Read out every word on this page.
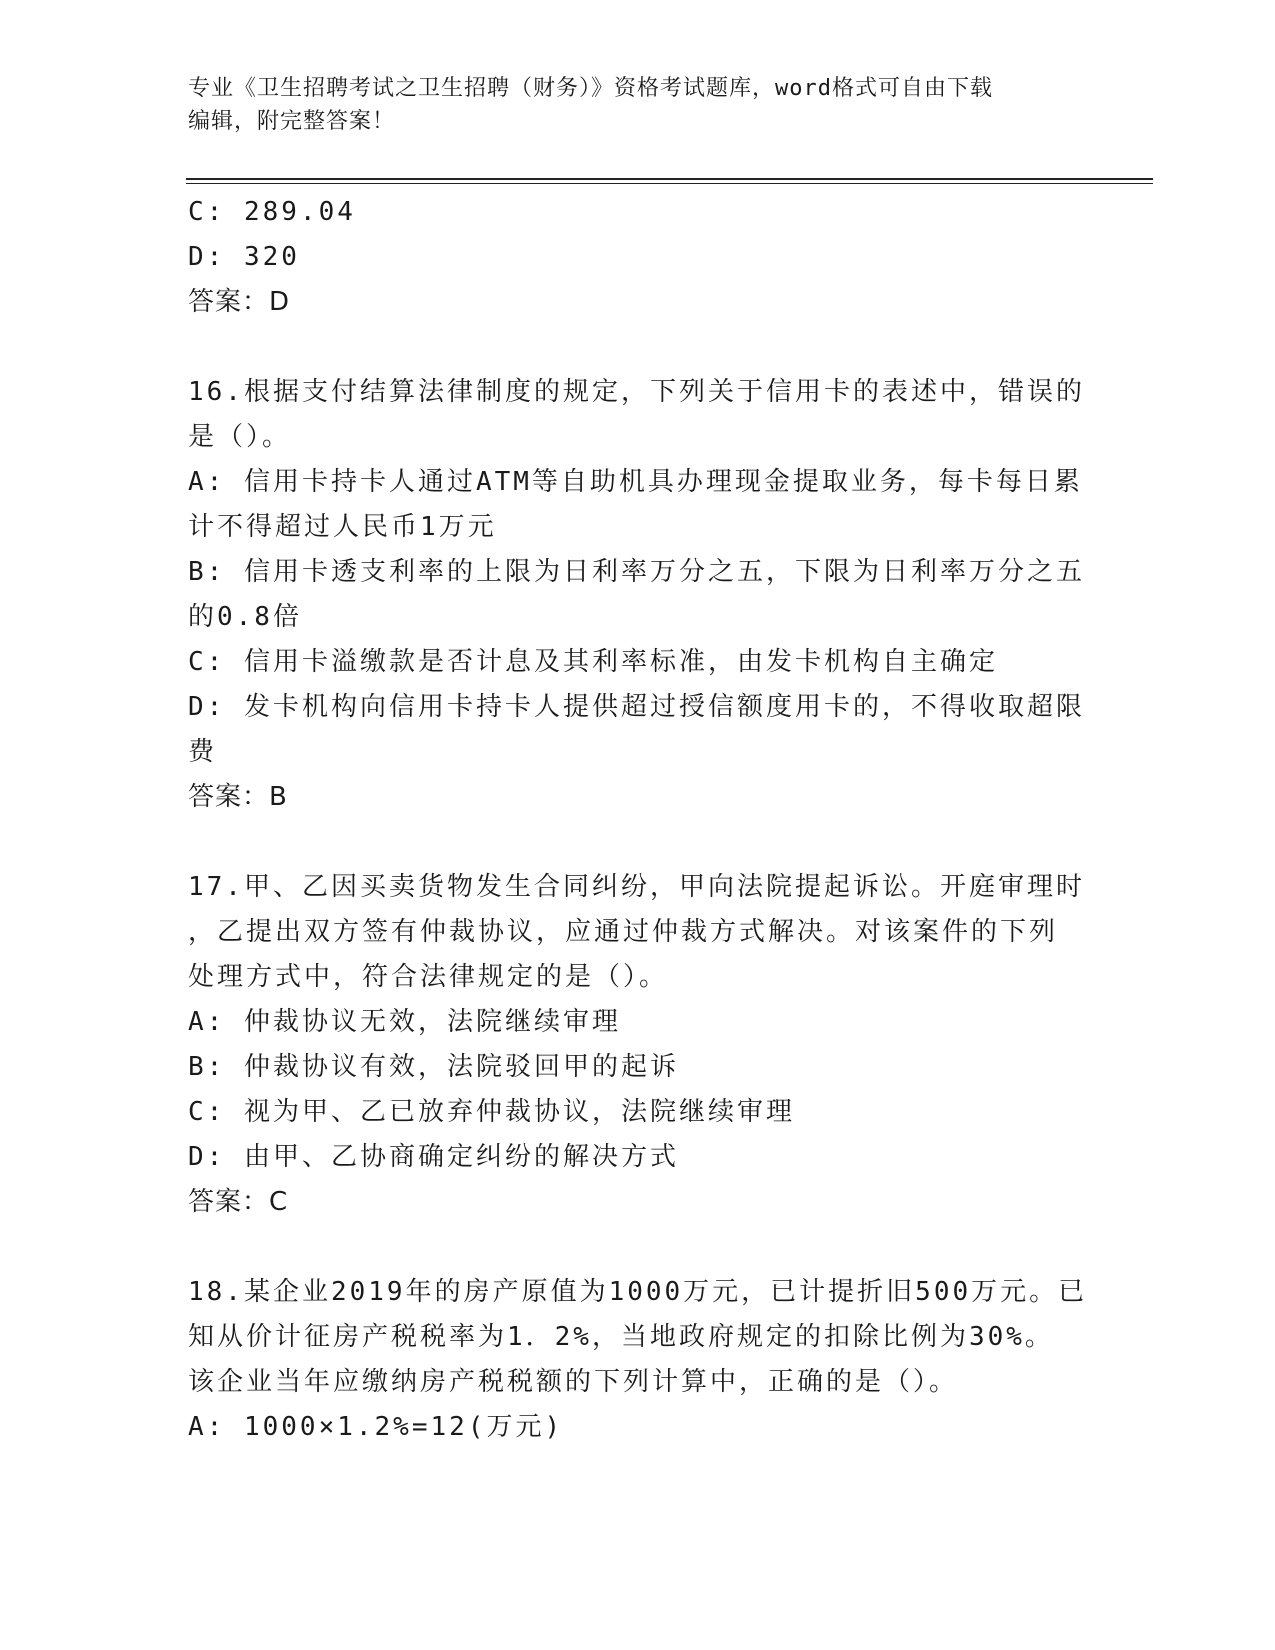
专业《卫生招聘考试之卫生招聘（财务）》资格考试题库，word格式可自由下载
编辑，附完整答案！
C: 289.04
D: 320
答案：D
16.根据支付结算法律制度的规定，下列关于信用卡的表述中，错误的
是（）。
A: 信用卡持卡人通过ATM等自助机具办理现金提取业务，每卡每日累
计不得超过人民币1万元
B: 信用卡透支利率的上限为日利率万分之五，下限为日利率万分之五
的0.8倍
C: 信用卡溢缴款是否计息及其利率标准，由发卡机构自主确定
D: 发卡机构向信用卡持卡人提供超过授信额度用卡的，不得收取超限
费
答案：B
17.甲、乙因买卖货物发生合同纠纷，甲向法院提起诉讼。开庭审理时
，乙提出双方签有仲裁协议，应通过仲裁方式解决。对该案件的下列
处理方式中，符合法律规定的是（）。
A: 仲裁协议无效，法院继续审理
B: 仲裁协议有效，法院驳回甲的起诉
C: 视为甲、乙已放弃仲裁协议，法院继续审理
D: 由甲、乙协商确定纠纷的解决方式
答案：C
18.某企业2019年的房产原值为1000万元，已计提折旧500万元。已
知从价计征房产税税率为1．2%，当地政府规定的扣除比例为30%。
该企业当年应缴纳房产税税额的下列计算中，正确的是（）。
A: 1000×1.2%=12(万元)
